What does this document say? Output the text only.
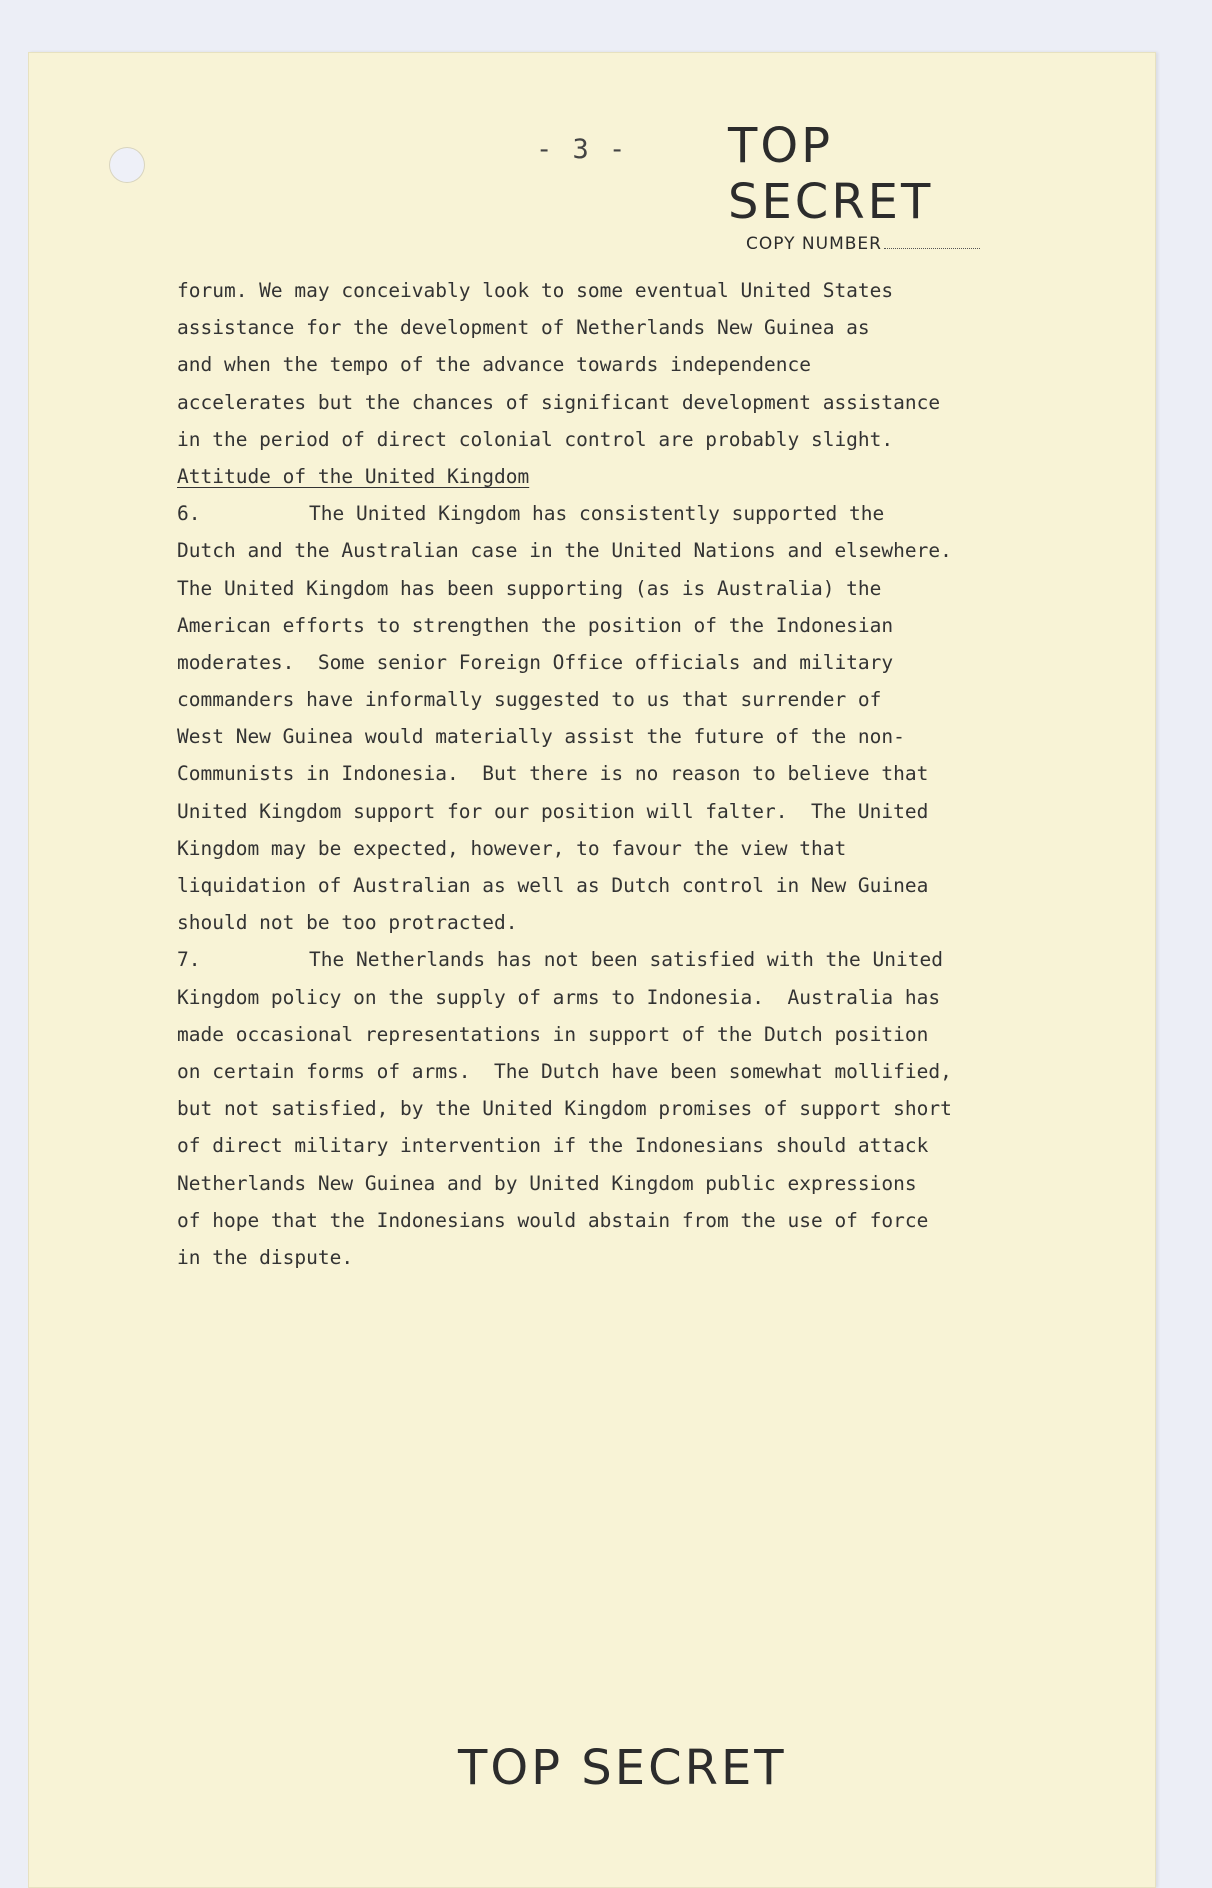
- 3 - TOP SECRET
COPY NUMBER
forum. We may conceivably look to some eventual United States
assistance for the development of Netherlands New Guinea as
and when the tempo of the advance towards independence
accelerates but the chances of significant development assistance
in the period of direct colonial control are probably slight.
Attitude of the United Kingdom
6.	The United Kingdom has consistently supported the
Dutch and the Australian case in the United Nations and elsewhere.
The United Kingdom has been supporting (as is Australia) the
American efforts to strengthen the position of the Indonesian
moderates.  Some senior Foreign Office officials and military
commanders have informally suggested to us that surrender of
West New Guinea would materially assist the future of the non-
Communists in Indonesia.  But there is no reason to believe that
United Kingdom support for our position will falter.  The United
Kingdom may be expected, however, to favour the view that
liquidation of Australian as well as Dutch control in New Guinea
should not be too protracted.
7.	The Netherlands has not been satisfied with the United
Kingdom policy on the supply of arms to Indonesia.  Australia has
made occasional representations in support of the Dutch position
on certain forms of arms.  The Dutch have been somewhat mollified,
but not satisfied, by the United Kingdom promises of support short
of direct military intervention if the Indonesians should attack
Netherlands New Guinea and by United Kingdom public expressions
of hope that the Indonesians would abstain from the use of force
in the dispute.
TOP SECRET
